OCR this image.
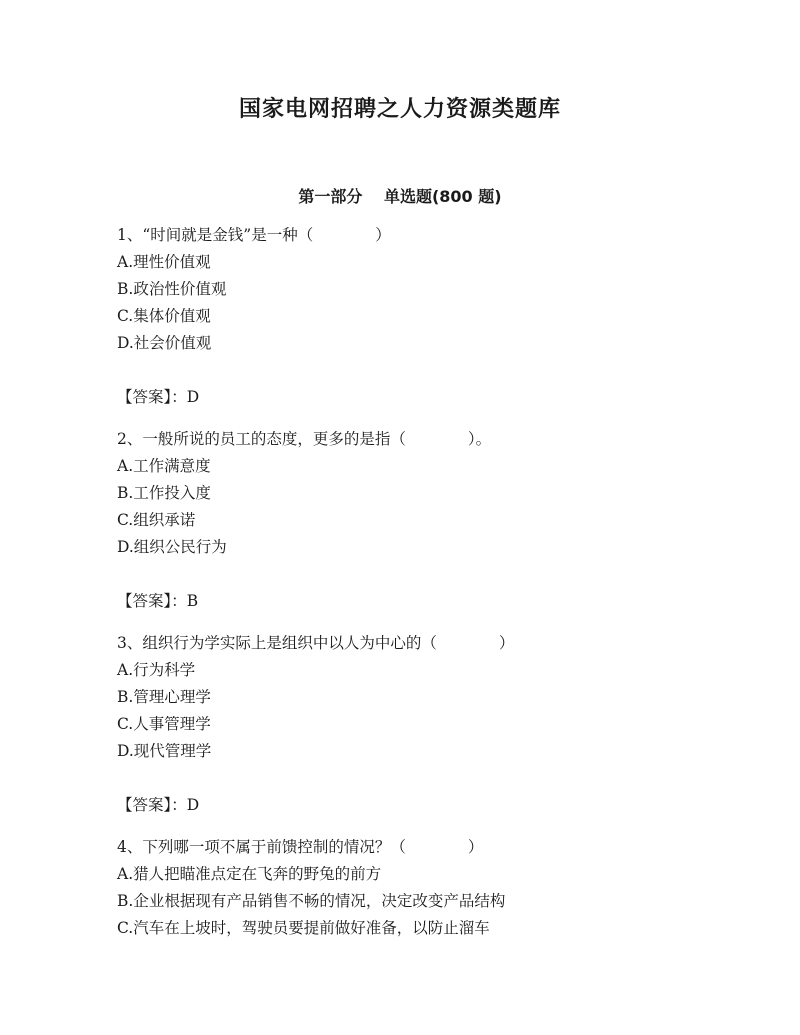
国家电网招聘之人力资源类题库
第一部分　 单选题(800 题)
1、“时间就是金钱”是一种（　　　　）
A.理性价值观
B.政治性价值观
C.集体价值观
D.社会价值观
【答案】：D
2、一般所说的员工的态度，更多的是指（　　　　）。
A.工作满意度
B.工作投入度
C.组织承诺
D.组织公民行为
【答案】：B
3、组织行为学实际上是组织中以人为中心的（　　　　）
A.行为科学
B.管理心理学
C.人事管理学
D.现代管理学
【答案】：D
4、下列哪一项不属于前馈控制的情况？（　　　　）
A.猎人把瞄准点定在飞奔的野兔的前方
B.企业根据现有产品销售不畅的情况，决定改变产品结构
C.汽车在上坡时，驾驶员要提前做好准备，以防止溜车
